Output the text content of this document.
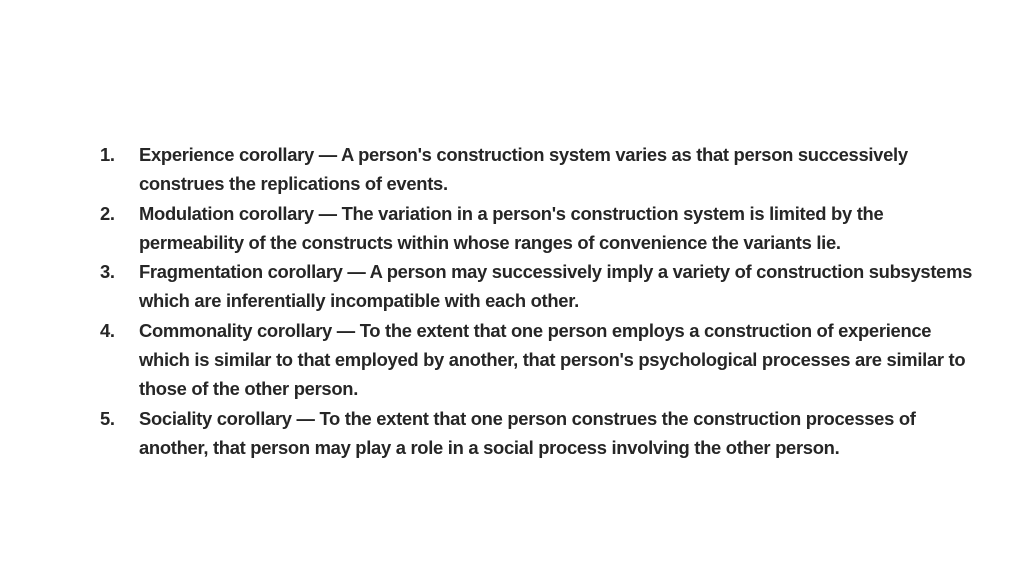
1.	Experience corollary — A person's construction system varies as that person successively construes the replications of events.
2.	Modulation corollary — The variation in a person's construction system is limited by the permeability of the constructs within whose ranges of convenience the variants lie.
3.	Fragmentation corollary — A person may successively imply a variety of construction subsystems which are inferentially incompatible with each other.
4.	Commonality corollary — To the extent that one person employs a construction of experience which is similar to that employed by another, that person's psychological processes are similar to those of the other person.
5.	Sociality corollary — To the extent that one person construes the construction processes of another, that person may play a role in a social process involving the other person.
